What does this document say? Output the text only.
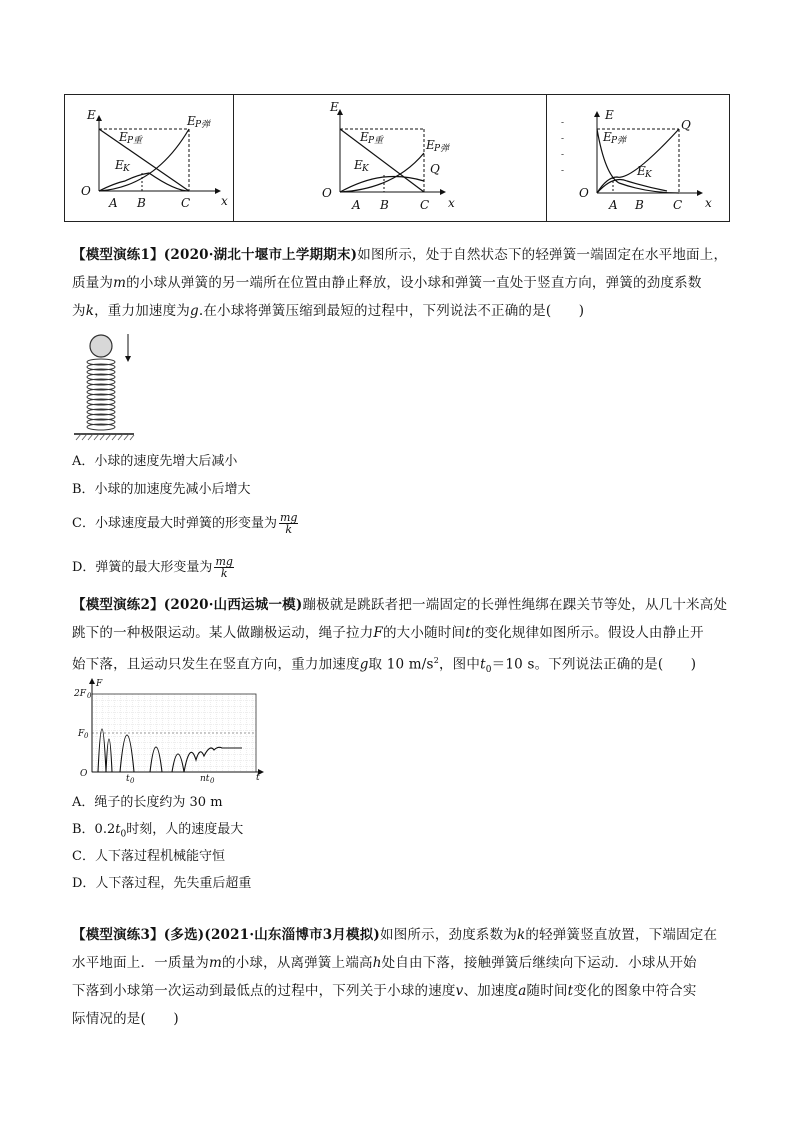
E
x
O
E P重
E P弹
E K
A B	C
E
x
O
E P重	E P弹
E K	Q
A B	C
-
-
-
-
E
x
O
E P弹
E K
Q
A B C
【模型演练1】(2020·湖北十堰市上学期期末)如图所示，处于自然状态下的轻弹簧一端固定在水平地面上，
质量为m的小球从弹簧的另一端所在位置由静止释放，设小球和弹簧一直处于竖直方向，弹簧的劲度系数
为k，重力加速度为g.在小球将弹簧压缩到最短的过程中，下列说法不正确的是(　　)
A．小球的速度先增大后减小
B．小球的加速度先减小后增大
C．小球速度最大时弹簧的形变量为 $\frac{mg}{k}$
D．弹簧的最大形变量为 $\frac{mg}{k}$
【模型演练2】(2020·山西运城一模)蹦极就是跳跃者把一端固定的长弹性绳绑在踝关节等处，从几十米高处
跳下的一种极限运动。某人做蹦极运动，绳子拉力F的大小随时间t的变化规律如图所示。假设人由静止开
始下落，且运动只发生在竖直方向，重力加速度g取 10 $m/s^2$，图中$t_0=10$ s。下列说法正确的是(　　)
2F 0
F 0
F
O	t
t 0	nt 0
A．绳子的长度约为 30 m
B．$0.2t_0$时刻，人的速度最大
C．人下落过程机械能守恒
D．人下落过程，先失重后超重
【模型演练3】(多选)(2021·山东淄博市3月模拟)如图所示，劲度系数为k的轻弹簧竖直放置，下端固定在
水平地面上．一质量为m的小球，从离弹簧上端高h处自由下落，接触弹簧后继续向下运动．小球从开始
下落到小球第一次运动到最低点的过程中，下列关于小球的速度v、加速度a随时间t变化的图象中符合实
际情况的是(　　)
